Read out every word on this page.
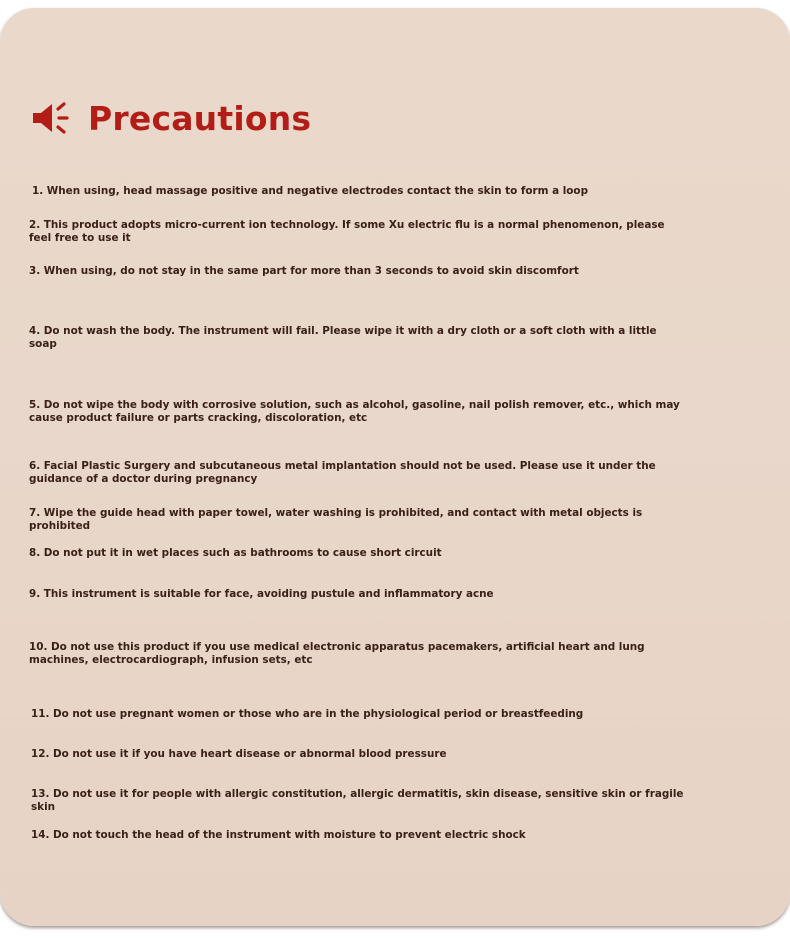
Precautions
1. When using, head massage positive and negative electrodes contact the skin to form a loop
2. This product adopts micro-current ion technology. If some Xu electric flu is a normal phenomenon, please feel free to use it
3. When using, do not stay in the same part for more than 3 seconds to avoid skin discomfort
4. Do not wash the body. The instrument will fail. Please wipe it with a dry cloth or a soft cloth with a little soap
5. Do not wipe the body with corrosive solution, such as alcohol, gasoline, nail polish remover, etc., which may cause product failure or parts cracking, discoloration, etc
6. Facial Plastic Surgery and subcutaneous metal implantation should not be used. Please use it under the guidance of a doctor during pregnancy
7. Wipe the guide head with paper towel, water washing is prohibited, and contact with metal objects is prohibited
8. Do not put it in wet places such as bathrooms to cause short circuit
9. This instrument is suitable for face, avoiding pustule and inflammatory acne
10. Do not use this product if you use medical electronic apparatus pacemakers, artificial heart and lung machines, electrocardiograph, infusion sets, etc
11. Do not use pregnant women or those who are in the physiological period or breastfeeding
12. Do not use it if you have heart disease or abnormal blood pressure
13. Do not use it for people with allergic constitution, allergic dermatitis, skin disease, sensitive skin or fragile skin
14. Do not touch the head of the instrument with moisture to prevent electric shock
